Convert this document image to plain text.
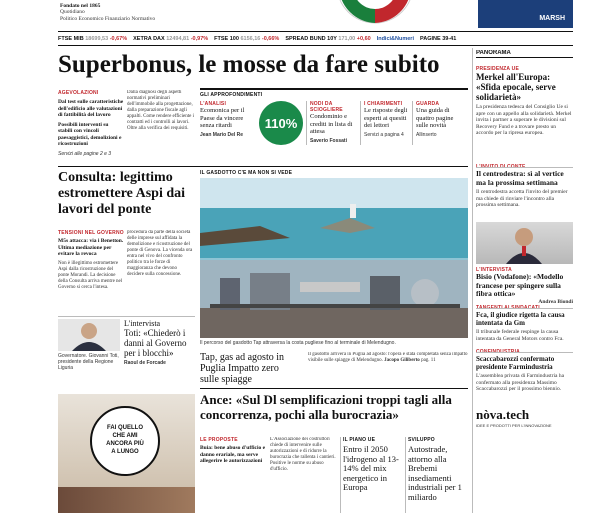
Fondato nel 1865
Quotidiano
Politico Economico Finanziario Normativo	MARSH
FTSE MIB 18699,53 -0,67% XETRA DAX 12494,81 -0,97% FTSE 100 6156,16 -0,66% SPREAD BUND 10Y 171,00 +0,60 Indici&Numeri PAGINE 39-41
Superbonus, le mosse da fare subito	PANORAMA
PRESIDENZA UE
Merkel all'Europa: «Sfida epocale, serve solidarietà»
La presidenza tedesca del Consiglio Ue si apre con un appello alla solidarietà. Merkel invita i partner a superare le divisioni sul Recovery Fund e a trovare presto un accordo per la ripresa europea.
Il centrodestra: sì al vertice ma la prossima settimana
Il centrodestra accetta l'invito del premier ma chiede di rinviare l'incontro alla prossima settimana.
L'INTERVISTA
Bisio (Vodafone): «Modello francese per spingere sulla fibra ottica»
Andrea Biondi
Fca, il giudice rigetta la causa intentata da Gm
Il tribunale federale respinge la causa intentata da General Motors contro Fca.
Scaccabarozzi confermato presidente Farmindustria
L'assemblea privata di Farmindustria ha confermato alla presidenza Massimo Scaccabarozzi per il prossimo biennio.
nòva.tech
IDEE E PRODOTTI PER L'INNOVAZIONE
AGEVOLAZIONI
Dal test sulle caratteristiche dell'edificio alle valutazioni di fattibilità del lavoro
Possibili interventi su stabili con vincoli paesaggistici, demolizioni e ricostruzioni
Servizi alle pagine 2 e 3
Dalla diagnosi degli aspetti normativi preliminari dell'immobile alla progettazione, dalla preparazione fiscale agli appalti. Come rendere efficiente i contratti ed i controlli ai lavori. Oltre alla verifica dei requisiti.
GLI APPROFONDIMENTI
L'ANALISI
Ecomonica per il Paese da vincere senza ritardi
Jean Mario Del Re
110%
NODI DA SCIOGLIERE
Condominio e crediti in lista di attesa
Saverio Fossati
I CHIARIMENTI
Le risposte degli esperti ai quesiti dei lettori
Servizi a pagina 4
GUARDA
Una guida di quattro pagine sulle novità
Allinserto
Consulta: legittimo estromettere Aspi dai lavori del ponte
TENSIONI NEL GOVERNO
M5s attacca: via i Benetton. Ultima mediazione per evitare la revoca
Non è illegittimo estromettere Aspi dalla ricostruzione del ponte Morandi. La decisione della Consulta arriva mentre nel Governo si cerca l'intesa.
procedura da parte della società delle imprese sul affidata la demolizione e ricostruzione del ponte di Genova. La vicenda ora entra nel vivo del confronto politico tra le forze di maggioranza che devono decidere sulla concessione.
Governatore. Giovanni Toti, presidente della Regione Liguria
L'intervista
Toti: «Chiederò i danni al Governo per i blocchi»
Raoul de Forcade
FAI QUELLO
CHE AMI
ANCORA PIÙ
A LUNGO
IL GASDOTTO C'È MA NON SI VEDE
Il percorso del gasdotto Tap attraversa la costa pugliese fino al terminale di Melendugno.
Tap, gas ad agosto in Puglia Impatto zero sulle spiagge
Il gasdotto arriverà in Puglia ad agosto: l'opera è stata completata senza impatto visibile sulle spiagge di Melendugno. Jacopo Giliberto pag. 11
Ance: «Sul Dl semplificazioni troppi tagli alla concorrenza, pochi alla burocrazia»
LE PROPOSTE
Buia: bene abuso d'ufficio e danno erariale, ma serve allegerire le autorizzazioni
L'Associazione dei costruttori chiede di intervenire sulle autorizzazioni e di ridurre la burocrazia che rallenta i cantieri. Positive le norme su abuso d'ufficio.
IL PIANO UE
Entro il 2050 l'idrogeno al 13-14% del mix energetico in Europa
SVILUPPO
Autostrade, attorno alla Brebemi insediamenti industriali per 1 miliardo
